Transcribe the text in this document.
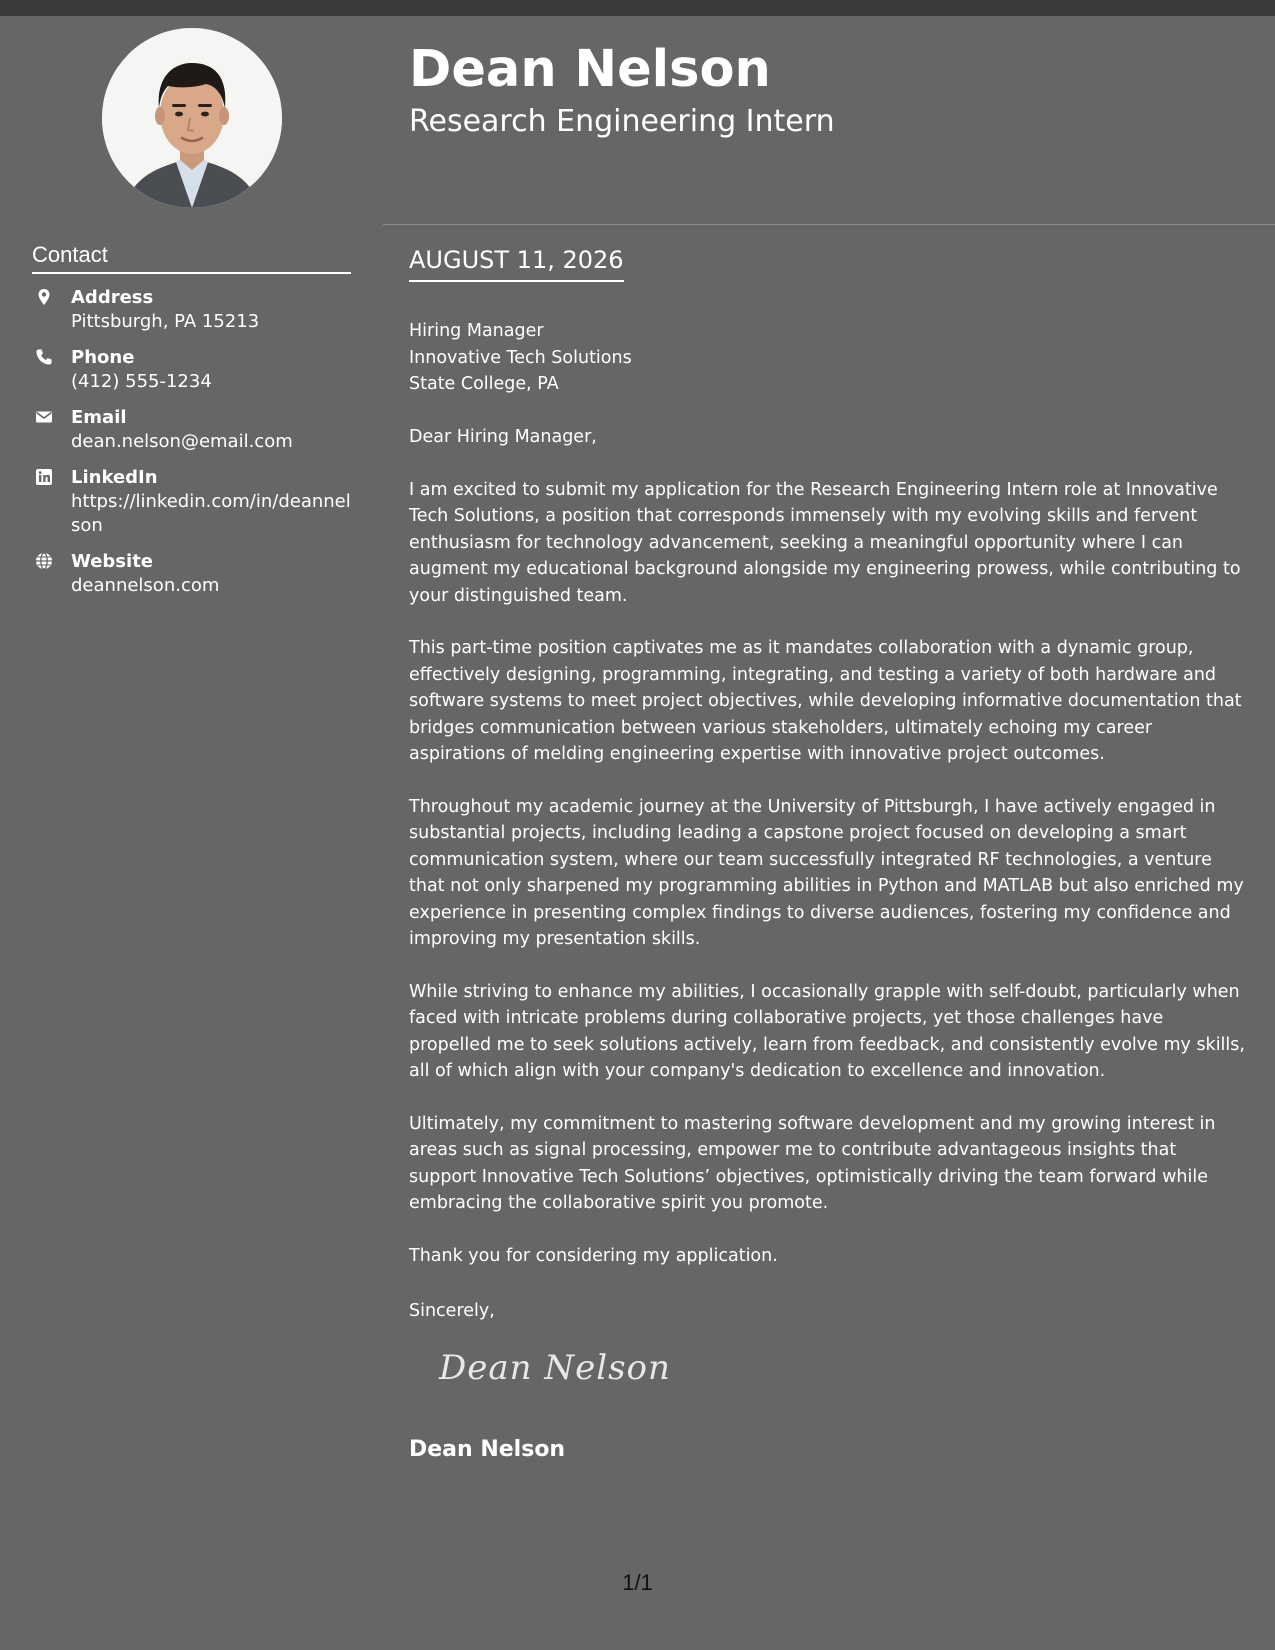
Contact
Address
Pittsburgh, PA 15213
Phone
(412) 555-1234
Email
dean.nelson@email.com
LinkedIn
https://linkedin.com/in/deannelson
Website
deannelson.com
Dean Nelson
Research Engineering Intern
AUGUST 11, 2026
Hiring Manager
Innovative Tech Solutions
State College, PA

Dear Hiring Manager,

I am excited to submit my application for the Research Engineering Intern role at Innovative Tech Solutions, a position that corresponds immensely with my evolving skills and fervent enthusiasm for technology advancement, seeking a meaningful opportunity where I can augment my educational background alongside my engineering prowess, while contributing to your distinguished team.

This part-time position captivates me as it mandates collaboration with a dynamic group, effectively designing, programming, integrating, and testing a variety of both hardware and software systems to meet project objectives, while developing informative documentation that bridges communication between various stakeholders, ultimately echoing my career aspirations of melding engineering expertise with innovative project outcomes.

Throughout my academic journey at the University of Pittsburgh, I have actively engaged in substantial projects, including leading a capstone project focused on developing a smart communication system, where our team successfully integrated RF technologies, a venture that not only sharpened my programming abilities in Python and MATLAB but also enriched my experience in presenting complex findings to diverse audiences, fostering my confidence and improving my presentation skills.

While striving to enhance my abilities, I occasionally grapple with self-doubt, particularly when faced with intricate problems during collaborative projects, yet those challenges have propelled me to seek solutions actively, learn from feedback, and consistently evolve my skills, all of which align with your company's dedication to excellence and innovation.

Ultimately, my commitment to mastering software development and my growing interest in areas such as signal processing, empower me to contribute advantageous insights that support Innovative Tech Solutions’ objectives, optimistically driving the team forward while embracing the collaborative spirit you promote.

Thank you for considering my application.

Sincerely,
Dean Nelson
Dean Nelson
1/1
